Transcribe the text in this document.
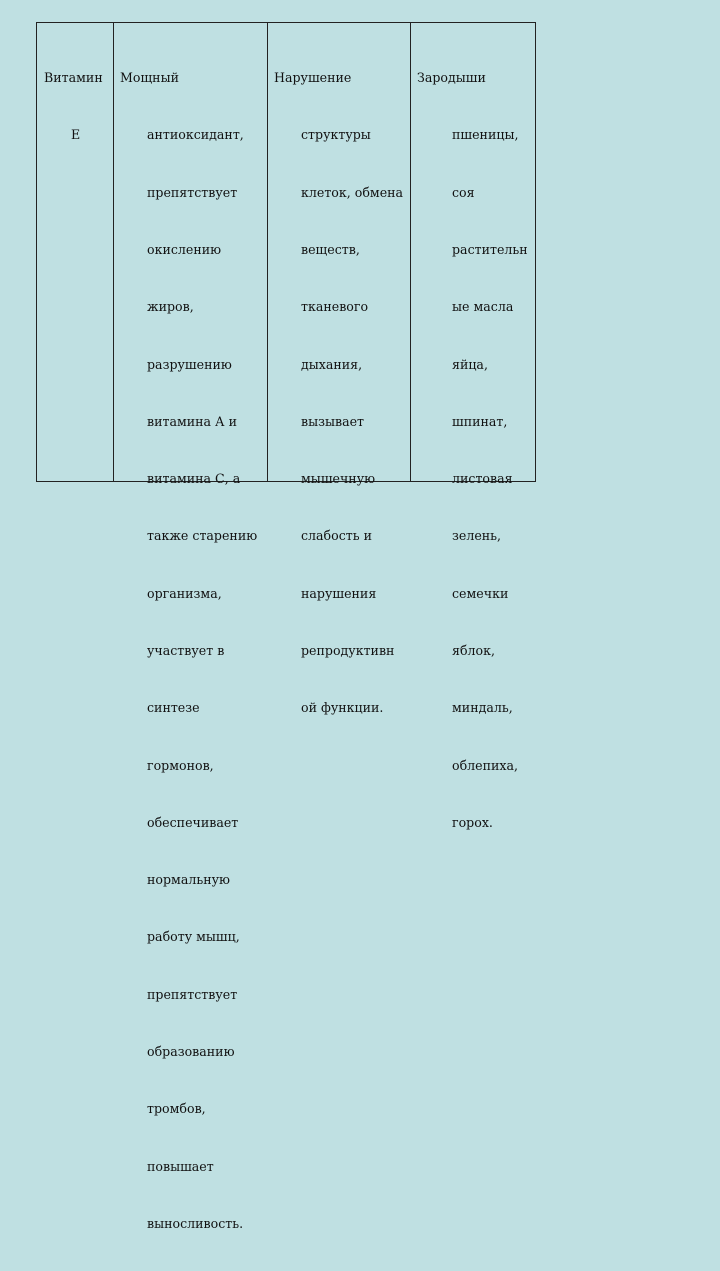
Витамин

Е

Мощный

антиоксидант,

препятствует

окислению

жиров,

разрушению

витамина А и

витамина С, а

также старению

организма,

участвует в

синтезе

гормонов,

обеспечивает

нормальную

работу мышц,

препятствует

образованию

тромбов,

повышает

выносливость.

Нарушение

структуры

клеток, обмена

веществ,

тканевого

дыхания,

вызывает

мышечную

слабость и

нарушения

репродуктивн

ой функции.

Зародыши

пшеницы,

соя

растительн

ые масла

яйца,

шпинат,

листовая

зелень,

семечки

яблок,

миндаль,

облепиха,

горох.
